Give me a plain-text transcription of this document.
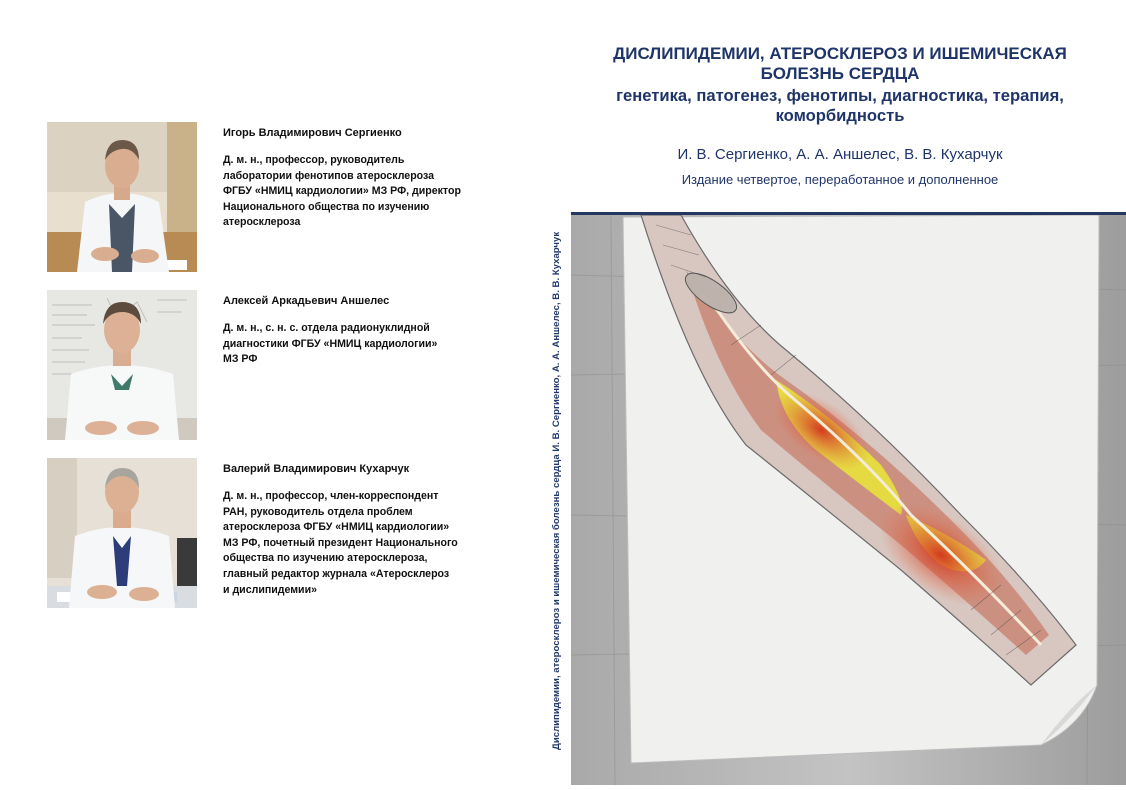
Игорь Владимирович Сергиенко

Д. м. н., профессор, руководитель
лаборатории фенотипов атеросклероза
ФГБУ «НМИЦ кардиологии» МЗ РФ, директор
Национального общества по изучению
атеросклероза

Алексей Аркадьевич Аншелес

Д. м. н., с. н. с. отдела радионуклидной
диагностики ФГБУ «НМИЦ кардиологии»
МЗ РФ

Валерий Владимирович Кухарчук

Д. м. н., профессор, член-корреспондент
РАН, руководитель отдела проблем
атеросклероза ФГБУ «НМИЦ кардиологии»
МЗ РФ, почетный президент Национального
общества по изучению атеросклероза,
главный редактор журнала «Атеросклероз
и дислипидемии»	Дислипидемии, атеросклероз и ишемическая болезнь сердца И. В. Сергиенко, А. А. Аншелес, В. В. Кухарчук

ДИСЛИПИДЕМИИ, АТЕРОСКЛЕРОЗ И ИШЕМИЧЕСКАЯ

БОЛЕЗНЬ СЕРДЦА

генетика, патогенез, фенотипы, диагностика, терапия,

коморбидность

И. В. Сергиенко, А. А. Аншелес, В. В. Кухарчук

Издание четвертое, переработанное и дополненное
